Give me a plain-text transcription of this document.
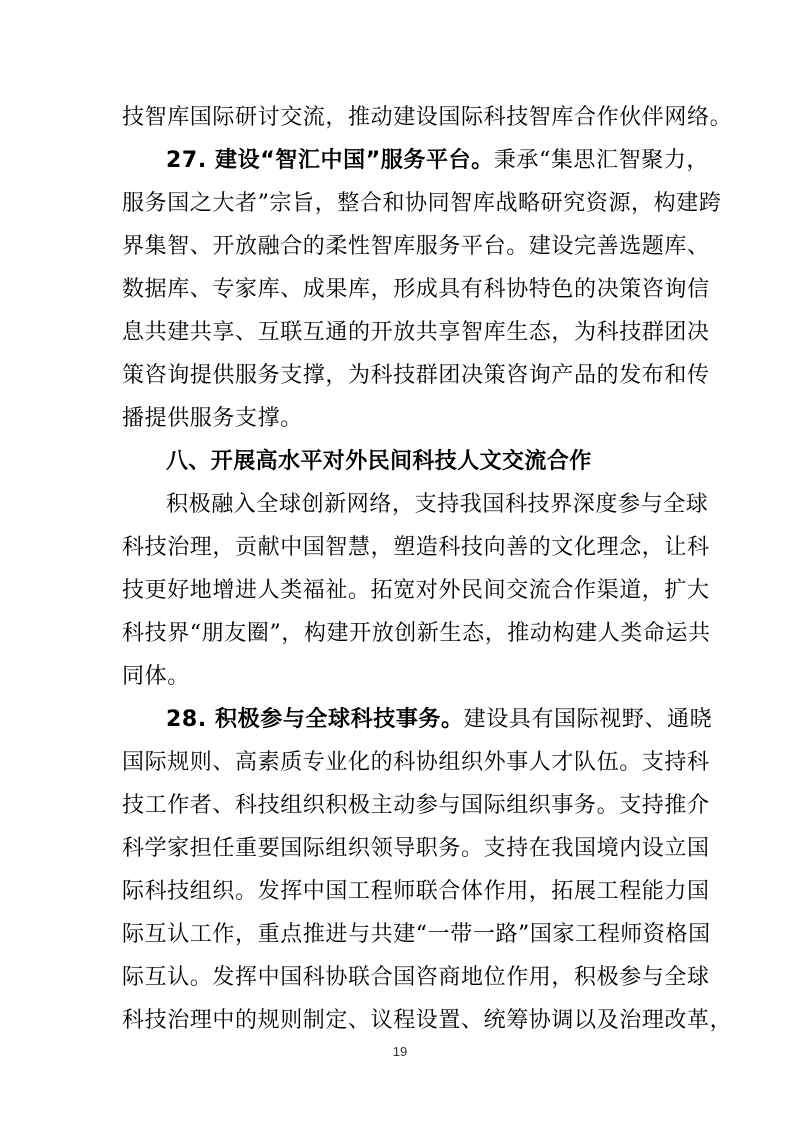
技智库国际研讨交流，推动建设国际科技智库合作伙伴网络。
27. 建设“智汇中国”服务平台。秉承“集思汇智聚力，
服务国之大者”宗旨，整合和协同智库战略研究资源，构建跨
界集智、开放融合的柔性智库服务平台。建设完善选题库、
数据库、专家库、成果库，形成具有科协特色的决策咨询信
息共建共享、互联互通的开放共享智库生态，为科技群团决
策咨询提供服务支撑，为科技群团决策咨询产品的发布和传
播提供服务支撑。
八、开展高水平对外民间科技人文交流合作
积极融入全球创新网络，支持我国科技界深度参与全球
科技治理，贡献中国智慧，塑造科技向善的文化理念，让科
技更好地增进人类福祉。拓宽对外民间交流合作渠道，扩大
科技界“朋友圈”，构建开放创新生态，推动构建人类命运共
同体。
28. 积极参与全球科技事务。建设具有国际视野、通晓
国际规则、高素质专业化的科协组织外事人才队伍。支持科
技工作者、科技组织积极主动参与国际组织事务。支持推介
科学家担任重要国际组织领导职务。支持在我国境内设立国
际科技组织。发挥中国工程师联合体作用，拓展工程能力国
际互认工作，重点推进与共建“一带一路”国家工程师资格国
际互认。发挥中国科协联合国咨商地位作用，积极参与全球
科技治理中的规则制定、议程设置、统筹协调以及治理改革，
19
